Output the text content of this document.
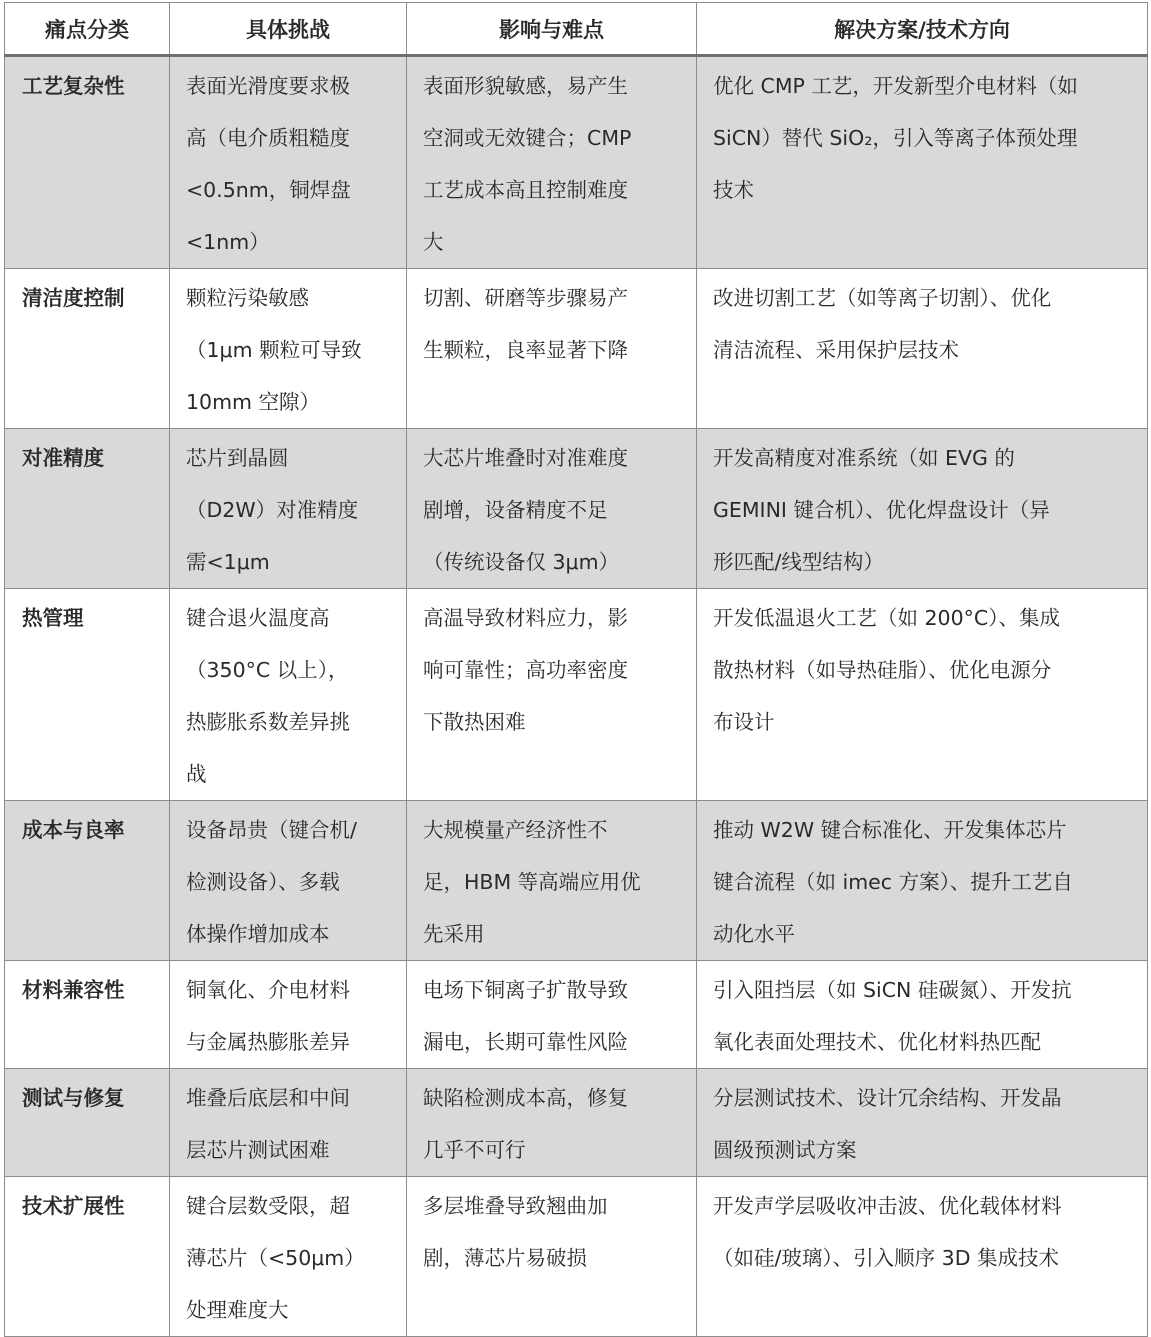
痛点分类	具体挑战	影响与难点	解决方案/技术方向

工艺复杂性	表面光滑度要求极
高（电介质粗糙度
<0.5nm，铜焊盘
<1nm）	表面形貌敏感，易产生
空洞或无效键合；CMP
工艺成本高且控制难度
大	优化 CMP 工艺，开发新型介电材料（如
SiCN）替代 SiO₂，引入等离子体预处理
技术

清洁度控制	颗粒污染敏感
（1μm 颗粒可导致
10mm 空隙）	切割、研磨等步骤易产
生颗粒，良率显著下降	改进切割工艺（如等离子切割）、优化
清洁流程、采用保护层技术

对准精度	芯片到晶圆
（D2W）对准精度
需<1μm	大芯片堆叠时对准难度
剧增，设备精度不足
（传统设备仅 3μm）	开发高精度对准系统（如 EVG 的
GEMINI 键合机）、优化焊盘设计（异
形匹配/线型结构）

热管理	键合退火温度高
（350°C 以上），
热膨胀系数差异挑
战	高温导致材料应力，影
响可靠性；高功率密度
下散热困难	开发低温退火工艺（如 200°C）、集成
散热材料（如导热硅脂）、优化电源分
布设计

成本与良率	设备昂贵（键合机/
检测设备）、多载
体操作增加成本	大规模量产经济性不
足，HBM 等高端应用优
先采用	推动 W2W 键合标准化、开发集体芯片
键合流程（如 imec 方案）、提升工艺自
动化水平

材料兼容性	铜氧化、介电材料
与金属热膨胀差异	电场下铜离子扩散导致
漏电，长期可靠性风险	引入阻挡层（如 SiCN 硅碳氮）、开发抗
氧化表面处理技术、优化材料热匹配

测试与修复	堆叠后底层和中间
层芯片测试困难	缺陷检测成本高，修复
几乎不可行	分层测试技术、设计冗余结构、开发晶
圆级预测试方案

技术扩展性	键合层数受限，超
薄芯片（<50μm）
处理难度大	多层堆叠导致翘曲加
剧，薄芯片易破损	开发声学层吸收冲击波、优化载体材料
（如硅/玻璃）、引入顺序 3D 集成技术
